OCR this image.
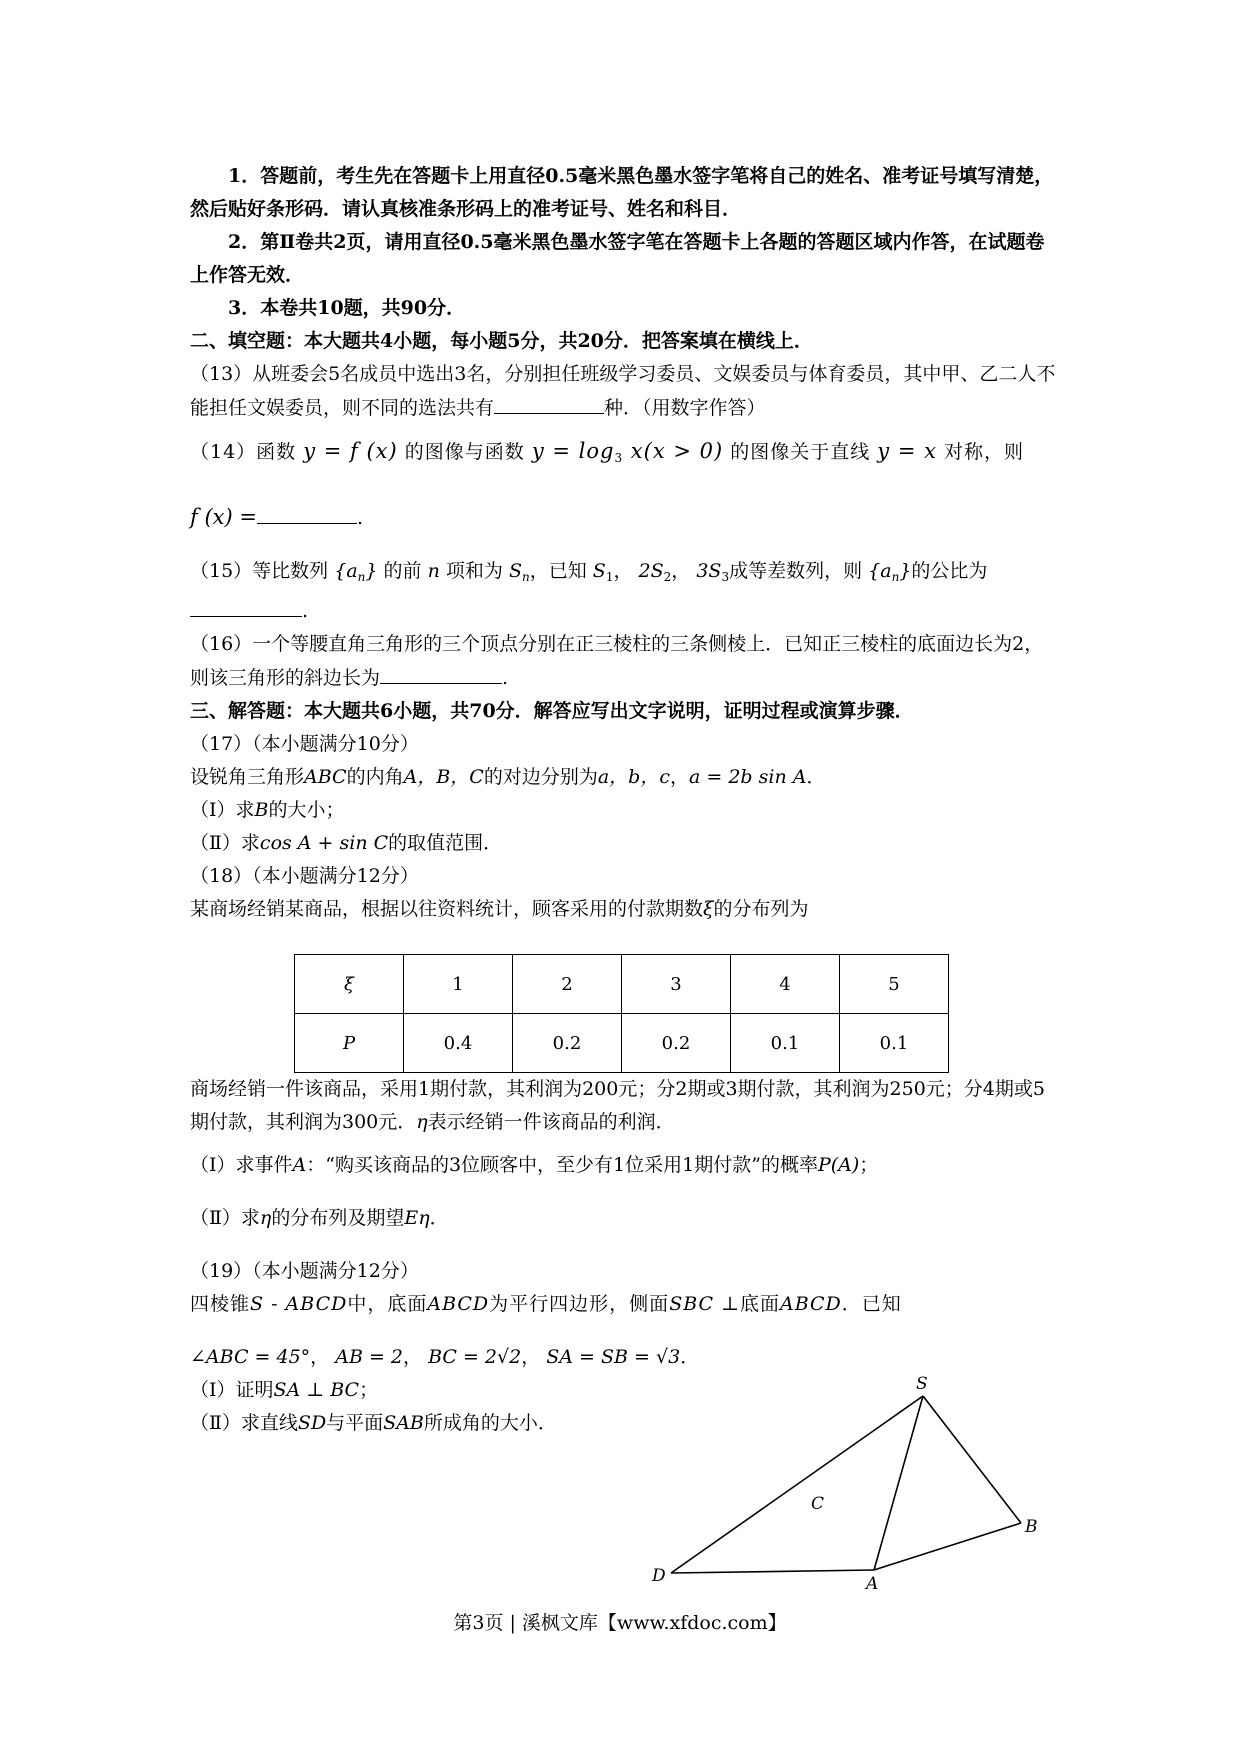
1．答题前，考生先在答题卡上用直径0.5毫米黑色墨水签字笔将自己的姓名、准考证号填写清楚，然后贴好条形码．请认真核准条形码上的准考证号、姓名和科目．

2．第Ⅱ卷共2页，请用直径0.5毫米黑色墨水签字笔在答题卡上各题的答题区域内作答，在试题卷上作答无效．

3．本卷共10题，共90分．

二、填空题：本大题共4小题，每小题5分，共20分．把答案填在横线上．

（13）从班委会5名成员中选出3名，分别担任班级学习委员、文娱委员与体育委员，其中甲、乙二人不能担任文娱委员，则不同的选法共有	种．（用数字作答）

（14）函数 y = f (x) 的图像与函数 $y = \log_3 x(x > 0)$ 的图像关于直线 y = x 对称，则

f (x) =	.

（15）等比数列 $\{a_n\}$ 的前 n 项和为 $S_n$，已知 $S_1$， $2S_2$， $3S_3$成等差数列，则 $\{a_n\}$的公比为.

（16）一个等腰直角三角形的三个顶点分别在正三棱柱的三条侧棱上．已知正三棱柱的底面边长为2，则该三角形的斜边长为	.

三、解答题：本大题共6小题，共70分．解答应写出文字说明，证明过程或演算步骤．

（17）（本小题满分10分）

设锐角三角形ABC的内角A，B，C的对边分别为a，b，c，a = 2b sin A．

（Ⅰ）求B的大小；

（Ⅱ）求cos A + sin C的取值范围．

（18）（本小题满分12分）

某商场经销某商品，根据以往资料统计，顾客采用的付款期数ξ的分布列为

ξ	1	2	3	4	5
P	0.4	0.2	0.2	0.1	0.1

商场经销一件该商品，采用1期付款，其利润为200元；分2期或3期付款，其利润为250元；分4期或5期付款，其利润为300元．η表示经销一件该商品的利润．

（Ⅰ）求事件A：“购买该商品的3位顾客中，至少有1位采用1期付款”的概率P(A)；

（Ⅱ）求η的分布列及期望Eη．

（19）（本小题满分12分）

四棱锥S - ABCD中，底面ABCD为平行四边形，侧面SBC ⊥底面ABCD．已知

∠ABC = 45°， AB = 2， BC = 2√2， SA = SB = √3．

（Ⅰ）证明SA ⊥ BC；

（Ⅱ）求直线SD与平面SAB所成角的大小．

S
C
B
D	A
第3页 | 溪枫文库【www.xfdoc.com】
